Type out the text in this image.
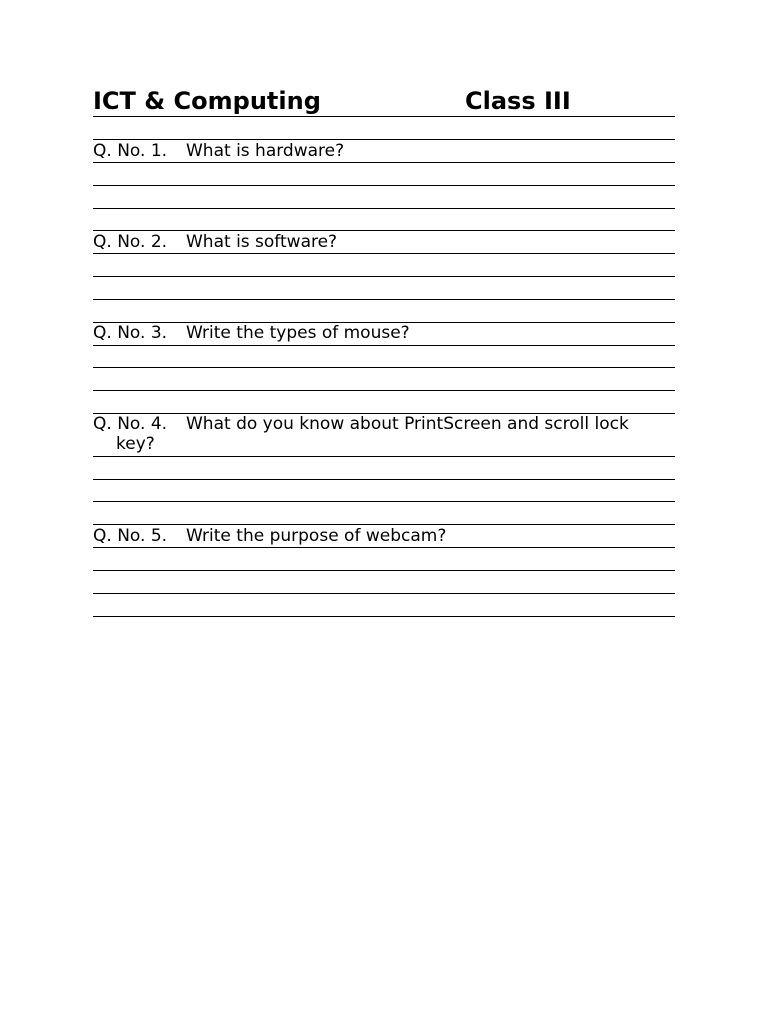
ICT & Computing	Class III
Q. No. 1. What is hardware?
Q. No. 2. What is software?
Q. No. 3. Write the types of mouse?
Q. No. 4. What do you know about PrintScreen and scroll lock
key?
Q. No. 5. Write the purpose of webcam?
